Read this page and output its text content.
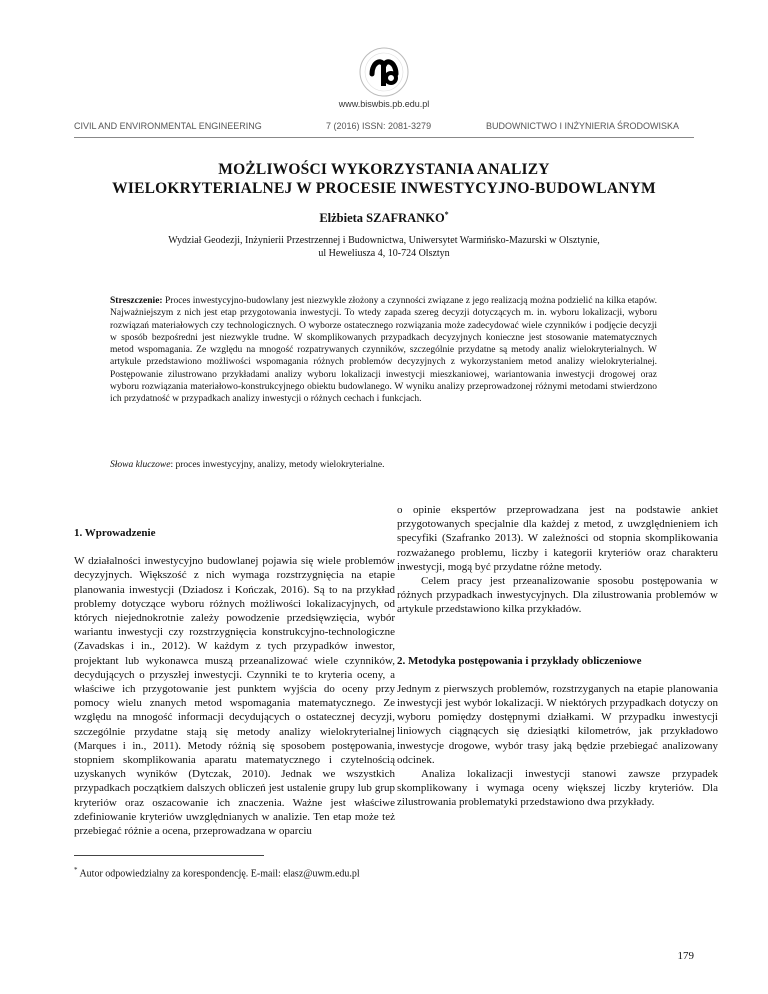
www.biswbis.pb.edu.pl
CIVIL AND ENVIRONMENTAL ENGINEERING	7 (2016) ISSN: 2081-3279	BUDOWNICTWO I INŻYNIERIA ŚRODOWISKA
MOŻLIWOŚCI WYKORZYSTANIA ANALIZY
WIELOKRYTERIALNEJ W PROCESIE INWESTYCYJNO-BUDOWLANYM
Elżbieta SZAFRANKO*
Wydział Geodezji, Inżynierii Przestrzennej i Budownictwa, Uniwersytet Warmińsko-Mazurski w Olsztynie,
ul Heweliusza 4, 10-724 Olsztyn
Streszczenie: Proces inwestycyjno-budowlany jest niezwykle złożony a czynności związane z jego realizacją można podzielić na kilka etapów. Najważniejszym z nich jest etap przygotowania inwestycji. To wtedy zapada szereg decyzji dotyczących m. in. wyboru lokalizacji, wyboru rozwiązań materiałowych czy technologicznych. O wyborze ostatecznego rozwiązania może zadecydować wiele czynników i podjęcie decyzji w sposób bezpośredni jest niezwykle trudne. W skomplikowanych przypadkach decyzyjnych konieczne jest stosowanie matematycznych metod wspomagania. Ze względu na mnogość rozpatrywanych czynników, szczególnie przydatne są metody analiz wielokryterialnych. W artykule przedstawiono możliwości wspomagania różnych problemów decyzyjnych z wykorzystaniem metod analizy wielokryterialnej. Postępowanie zilustrowano przykładami analizy wyboru lokalizacji inwestycji mieszkaniowej, wariantowania inwestycji drogowej oraz wyboru rozwiązania materiałowo-konstrukcyjnego obiektu budowlanego. W wyniku analizy przeprowadzonej różnymi metodami stwierdzono ich przydatność w przypadkach analizy inwestycji o różnych cechach i funkcjach.
Słowa kluczowe: proces inwestycyjny, analizy, metody wielokryterialne.

1. Wprowadzenie

W działalności inwestycyjno budowlanej pojawia się wiele problemów decyzyjnych. Większość z nich wymaga rozstrzygnięcia na etapie planowania inwestycji (Dziadosz i Kończak, 2016). Są to na przykład problemy dotyczące wyboru różnych możliwości lokalizacyjnych, od których niejednokrotnie zależy powodzenie przedsięwzięcia, wybór wariantu inwestycji czy rozstrzygnięcia konstrukcyjno-technologiczne (Zavadskas i in., 2012). W każdym z tych przypadków inwestor, projektant lub wykonawca muszą przeanalizować wiele czynników, decydujących o przyszłej inwestycji. Czynniki te to kryteria oceny, a właściwe ich przygotowanie jest punktem wyjścia do oceny przy pomocy wielu znanych metod wspomagania matematycznego. Ze względu na mnogość informacji decydujących o ostatecznej decyzji, szczególnie przydatne stają się metody analizy wielokryterialnej (Marques i in., 2011). Metody różnią się sposobem postępowania, stopniem skomplikowania aparatu matematycznego i czytelnością uzyskanych wyników (Dytczak, 2010). Jednak we wszystkich przypadkach początkiem dalszych obliczeń jest ustalenie grupy lub grup kryteriów oraz oszacowanie ich znaczenia. Ważne jest właściwe zdefiniowanie kryteriów uwzględnianych w analizie. Ten etap może też przebiegać różnie a ocena, przeprowadzana w oparciu

o opinie ekspertów przeprowadzana jest na podstawie ankiet przygotowanych specjalnie dla każdej z metod, z uwzględnieniem ich specyfiki (Szafranko 2013). W zależności od stopnia skomplikowania rozważanego problemu, liczby i kategorii kryteriów oraz charakteru inwestycji, mogą być przydatne różne metody.

Celem pracy jest przeanalizowanie sposobu postępowania w różnych przypadkach inwestycyjnych. Dla zilustrowania problemów w artykule przedstawiono kilka przykładów.

2. Metodyka postępowania i przykłady obliczeniowe

Jednym z pierwszych problemów, rozstrzyganych na etapie planowania inwestycji jest wybór lokalizacji. W niektórych przypadkach dotyczy on wyboru pomiędzy dostępnymi działkami. W przypadku inwestycji liniowych ciągnących się dziesiątki kilometrów, jak przykładowo inwestycje drogowe, wybór trasy jaką będzie przebiegać analizowany odcinek.

Analiza lokalizacji inwestycji stanowi zawsze przypadek skomplikowany i wymaga oceny większej liczby kryteriów. Dla zilustrowania problematyki przedstawiono dwa przykłady.

* Autor odpowiedzialny za korespondencję. E-mail: elasz@uwm.edu.pl
179
